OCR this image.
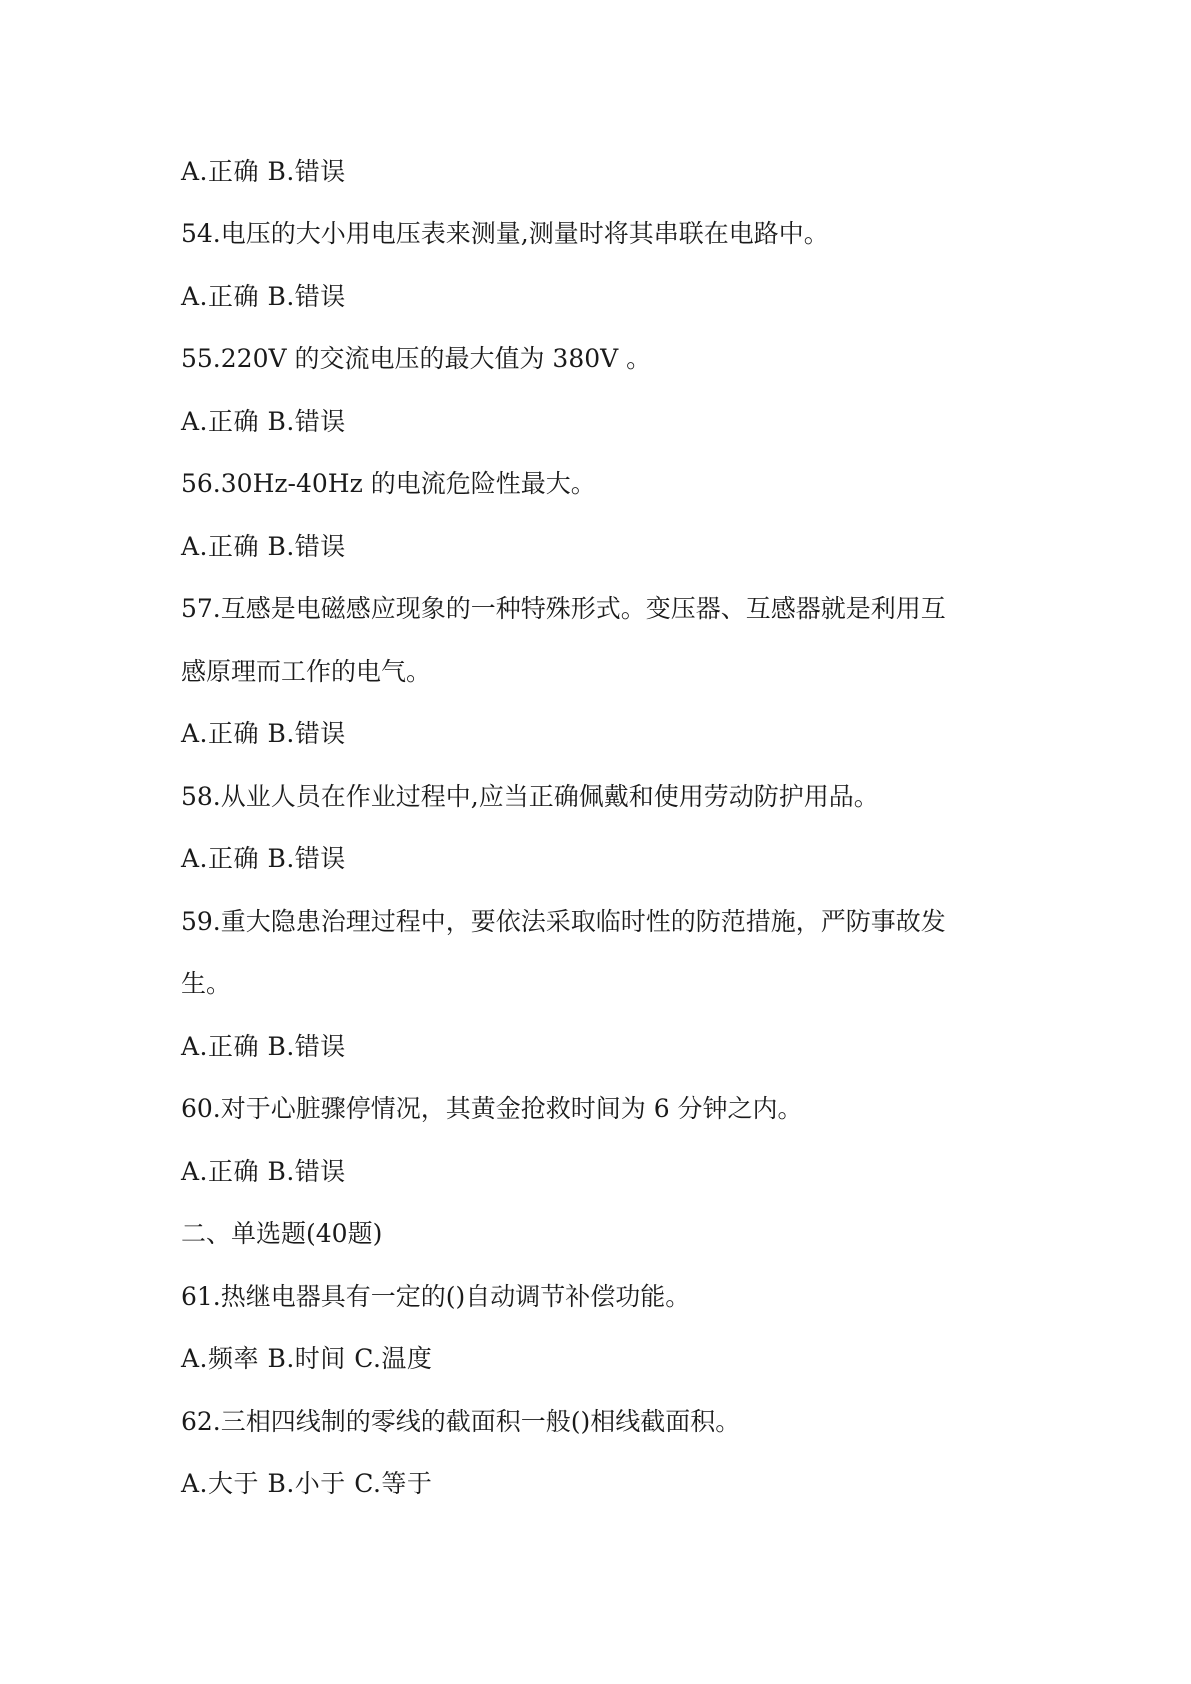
A.正确 B.错误
54.电压的大小用电压表来测量,测量时将其串联在电路中。
A.正确 B.错误
55.220V 的交流电压的最大值为 380V 。
A.正确 B.错误
56.30Hz-40Hz 的电流危险性最大。
A.正确 B.错误
57.互感是电磁感应现象的一种特殊形式。变压器、互感器就是利用互
感原理而工作的电气。
A.正确 B.错误
58.从业人员在作业过程中,应当正确佩戴和使用劳动防护用品。
A.正确 B.错误
59.重大隐患治理过程中，要依法采取临时性的防范措施，严防事故发
生。
A.正确 B.错误
60.对于心脏骤停情况，其黄金抢救时间为 6 分钟之内。
A.正确 B.错误
二、单选题(40题)
61.热继电器具有一定的()自动调节补偿功能。
A.频率 B.时间 C.温度
62.三相四线制的零线的截面积一般()相线截面积。
A.大于 B.小于 C.等于
